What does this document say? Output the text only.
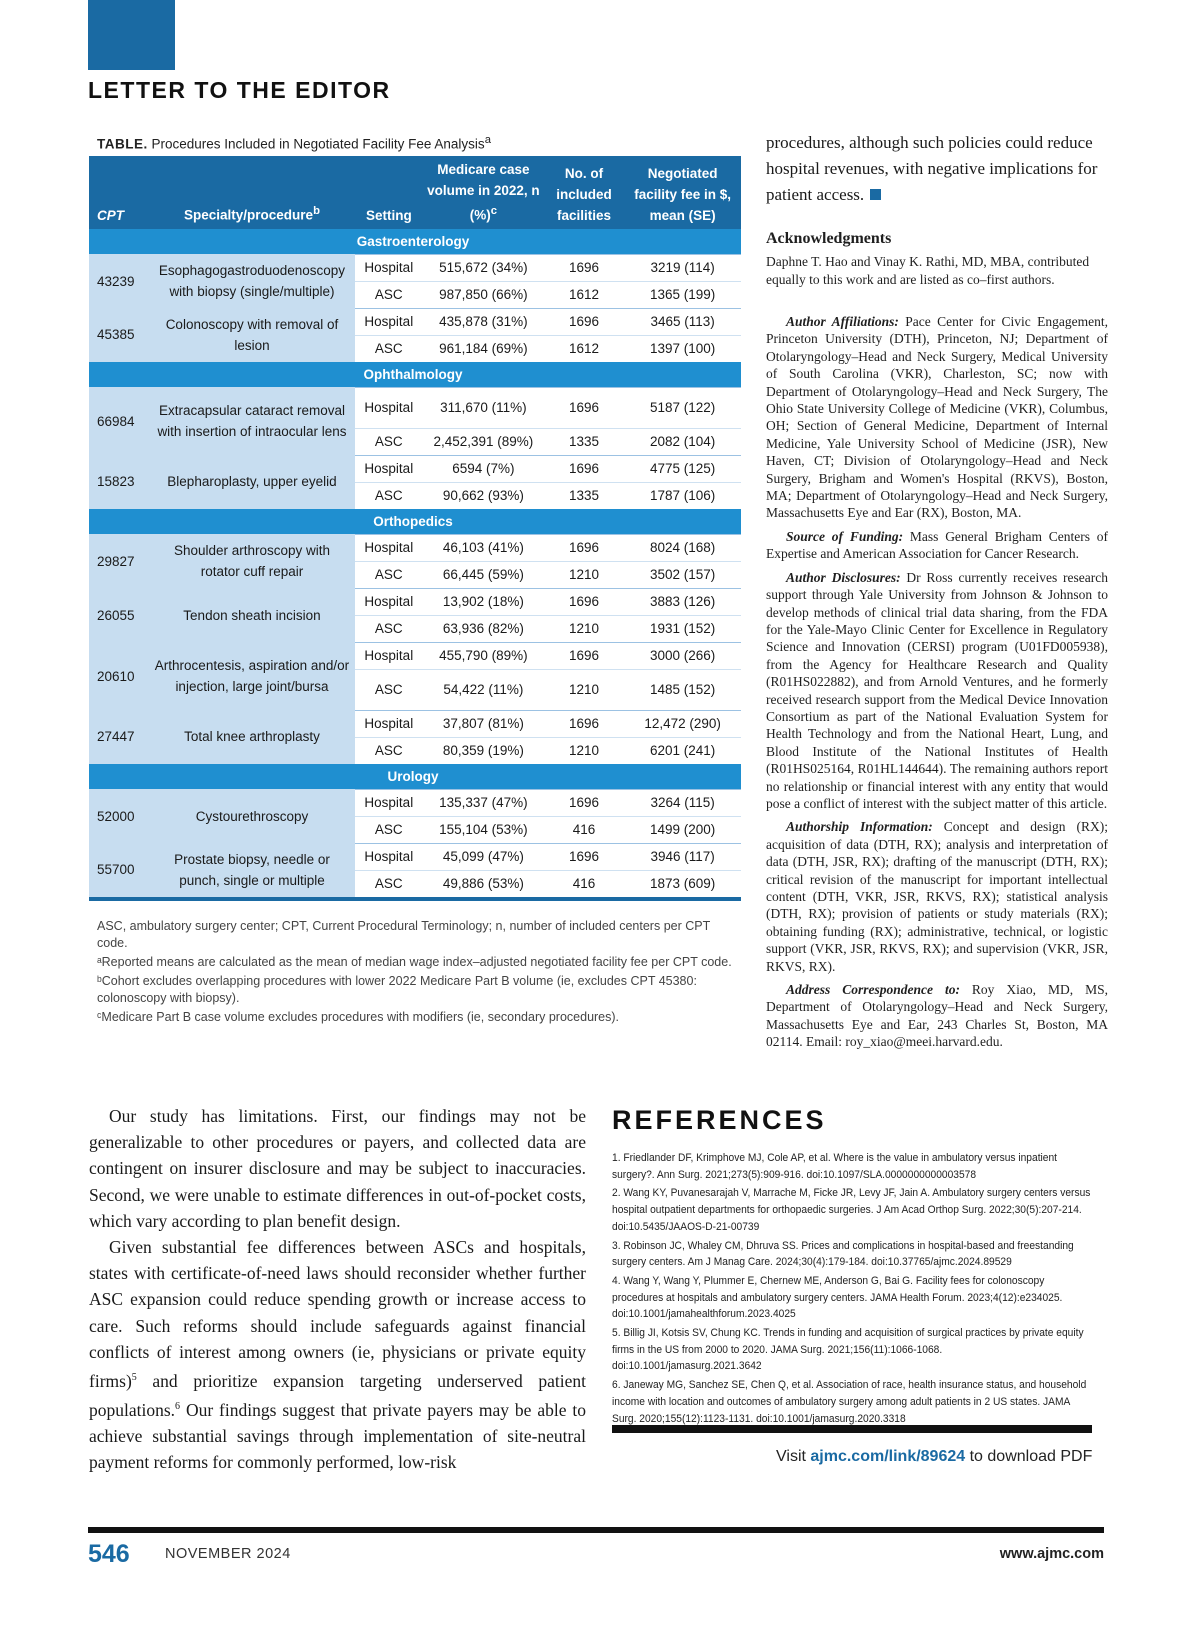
LETTER TO THE EDITOR
TABLE. Procedures Included in Negotiated Facility Fee Analysis$^a$
CPT	Specialty/procedure$^b$	Setting	Medicare case volume in 2022, n (%)$^c$	No. of included facilities	Negotiated facility fee in $, mean (SE)
Gastroenterology					
43239	Esophagogastroduodenoscopy with biopsy (single/multiple)	Hospital	515,672 (34%)	1696	3219 (114)
		ASC	987,850 (66%)	1612	1365 (199)
45385	Colonoscopy with removal of lesion	Hospital	435,878 (31%)	1696	3465 (113)
		ASC	961,184 (69%)	1612	1397 (100)
Ophthalmology					
66984	Extracapsular cataract removal with insertion of intraocular lens	Hospital	311,670 (11%)	1696	5187 (122)
		ASC	2,452,391 (89%)	1335	2082 (104)
15823	Blepharoplasty, upper eyelid	Hospital	6594 (7%)	1696	4775 (125)
		ASC	90,662 (93%)	1335	1787 (106)
Orthopedics					
29827	Shoulder arthroscopy with rotator cuff repair	Hospital	46,103 (41%)	1696	8024 (168)
		ASC	66,445 (59%)	1210	3502 (157)
26055	Tendon sheath incision	Hospital	13,902 (18%)	1696	3883 (126)
		ASC	63,936 (82%)	1210	1931 (152)
20610	Arthrocentesis, aspiration and/or injection, large joint/bursa	Hospital	455,790 (89%)	1696	3000 (266)
		ASC	54,422 (11%)	1210	1485 (152)
27447	Total knee arthroplasty	Hospital	37,807 (81%)	1696	12,472 (290)
		ASC	80,359 (19%)	1210	6201 (241)
Urology					
52000	Cystourethroscopy	Hospital	135,337 (47%)	1696	3264 (115)
		ASC	155,104 (53%)	416	1499 (200)
55700	Prostate biopsy, needle or punch, single or multiple	Hospital	45,099 (47%)	1696	3946 (117)
		ASC	49,886 (53%)	416	1873 (609)

ASC, ambulatory surgery center; CPT, Current Procedural Terminology; n, number of included centers per CPT code.

ᵃReported means are calculated as the mean of median wage index–adjusted negotiated facility fee per CPT code.

ᵇCohort excludes overlapping procedures with lower 2022 Medicare Part B volume (ie, excludes CPT 45380: colonoscopy with biopsy).

ᶜMedicare Part B case volume excludes procedures with modifiers (ie, secondary procedures).

procedures, although such policies could reduce hospital revenues, with negative implications for patient access.
Acknowledgments
Daphne T. Hao and Vinay K. Rathi, MD, MBA, contributed equally to this work and are listed as co–first authors.

Author Affiliations: Pace Center for Civic Engagement, Princeton University (DTH), Princeton, NJ; Department of Otolaryngology–Head and Neck Surgery, Medical University of South Carolina (VKR), Charleston, SC; now with Department of Otolaryngology–Head and Neck Surgery, The Ohio State University College of Medicine (VKR), Columbus, OH; Section of General Medicine, Department of Internal Medicine, Yale University School of Medicine (JSR), New Haven, CT; Division of Otolaryngology–Head and Neck Surgery, Brigham and Women's Hospital (RKVS), Boston, MA; Department of Otolaryngology–Head and Neck Surgery, Massachusetts Eye and Ear (RX), Boston, MA.

Source of Funding: Mass General Brigham Centers of Expertise and American Association for Cancer Research.

Author Disclosures: Dr Ross currently receives research support through Yale University from Johnson & Johnson to develop methods of clinical trial data sharing, from the FDA for the Yale-Mayo Clinic Center for Excellence in Regulatory Science and Innovation (CERSI) program (U01FD005938), from the Agency for Healthcare Research and Quality (R01HS022882), and from Arnold Ventures, and he formerly received research support from the Medical Device Innovation Consortium as part of the National Evaluation System for Health Technology and from the National Heart, Lung, and Blood Institute of the National Institutes of Health (R01HS025164, R01HL144644). The remaining authors report no relationship or financial interest with any entity that would pose a conflict of interest with the subject matter of this article.

Authorship Information: Concept and design (RX); acquisition of data (DTH, RX); analysis and interpretation of data (DTH, JSR, RX); drafting of the manuscript (DTH, RX); critical revision of the manuscript for important intellectual content (DTH, VKR, JSR, RKVS, RX); statistical analysis (DTH, RX); provision of patients or study materials (RX); obtaining funding (RX); administrative, technical, or logistic support (VKR, JSR, RKVS, RX); and supervision (VKR, JSR, RKVS, RX).

Address Correspondence to: Roy Xiao, MD, MS, Department of Otolaryngology–Head and Neck Surgery, Massachusetts Eye and Ear, 243 Charles St, Boston, MA 02114. Email: roy_xiao@meei.harvard.edu.

Our study has limitations. First, our findings may not be generalizable to other procedures or payers, and collected data are contingent on insurer disclosure and may be subject to inaccuracies. Second, we were unable to estimate differences in out-of-pocket costs, which vary according to plan benefit design.

Given substantial fee differences between ASCs and hospitals, states with certificate-of-need laws should reconsider whether further ASC expansion could reduce spending growth or increase access to care. Such reforms should include safeguards against financial conflicts of interest among owners (ie, physicians or private equity firms)$^5$ and prioritize expansion targeting underserved patient populations.$^6$ Our findings suggest that private payers may be able to achieve substantial savings through implementation of site-neutral payment reforms for commonly performed, low-risk

REFERENCES

1. Friedlander DF, Krimphove MJ, Cole AP, et al. Where is the value in ambulatory versus inpatient surgery?. Ann Surg. 2021;273(5):909-916. doi:10.1097/SLA.0000000000003578

2. Wang KY, Puvanesarajah V, Marrache M, Ficke JR, Levy JF, Jain A. Ambulatory surgery centers versus hospital outpatient departments for orthopaedic surgeries. J Am Acad Orthop Surg. 2022;30(5):207-214. doi:10.5435/JAAOS-D-21-00739

3. Robinson JC, Whaley CM, Dhruva SS. Prices and complications in hospital-based and freestanding surgery centers. Am J Manag Care. 2024;30(4):179-184. doi:10.37765/ajmc.2024.89529

4. Wang Y, Wang Y, Plummer E, Chernew ME, Anderson G, Bai G. Facility fees for colonoscopy procedures at hospitals and ambulatory surgery centers. JAMA Health Forum. 2023;4(12):e234025. doi:10.1001/jamahealthforum.2023.4025

5. Billig JI, Kotsis SV, Chung KC. Trends in funding and acquisition of surgical practices by private equity firms in the US from 2000 to 2020. JAMA Surg. 2021;156(11):1066-1068. doi:10.1001/jamasurg.2021.3642

6. Janeway MG, Sanchez SE, Chen Q, et al. Association of race, health insurance status, and household income with location and outcomes of ambulatory surgery among adult patients in 2 US states. JAMA Surg. 2020;155(12):1123-1131. doi:10.1001/jamasurg.2020.3318

Visit ajmc.com/link/89624 to download PDF
546 NOVEMBER 2024	www.ajmc.com
